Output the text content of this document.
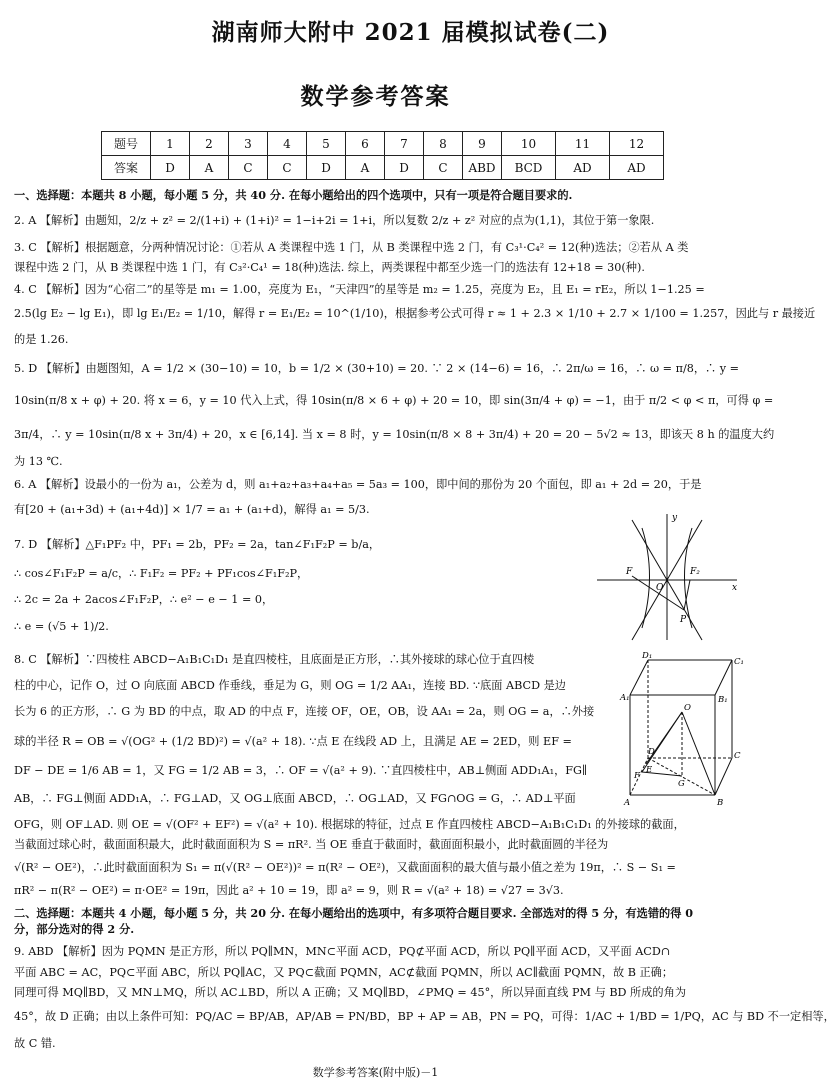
湖南师大附中 2021 届模拟试卷(二)
数学参考答案
题号	1	2	3	4	5	6	7	8	9	10	11	12
答案	D	A	C	C	D	A	D	C	ABD	BCD	AD	AD
一、选择题：本题共 8 小题，每小题 5 分，共 40 分. 在每小题给出的四个选项中，只有一项是符合题目要求的.
2. A 【解析】由题知，2/z + z² = 2/(1+i) + (1+i)² = 1−i+2i = 1+i，所以复数 2/z + z² 对应的点为(1,1)，其位于第一象限.
3. C 【解析】根据题意，分两种情况讨论：①若从 A 类课程中选 1 门，从 B 类课程中选 2 门，有 C₃¹·C₄² = 12(种)选法；②若从 A 类
课程中选 2 门，从 B 类课程中选 1 门，有 C₃²·C₄¹ = 18(种)选法. 综上，两类课程中都至少选一门的选法有 12+18 = 30(种).
4. C 【解析】因为“心宿二”的星等是 m₁ = 1.00，亮度为 E₁，“天津四”的星等是 m₂ = 1.25，亮度为 E₂，且 E₁ = rE₂，所以 1−1.25 =
2.5(lg E₂ − lg E₁)，即 lg E₁/E₂ = 1/10，解得 r = E₁/E₂ = 10^(1/10)，根据参考公式可得 r ≈ 1 + 2.3 × 1/10 + 2.7 × 1/100 = 1.257，因此与 r 最接近
的是 1.26.
5. D 【解析】由题图知，A = 1/2 × (30−10) = 10，b = 1/2 × (30+10) = 20. ∵ 2 × (14−6) = 16，∴ 2π/ω = 16，∴ ω = π/8，∴ y =
10sin(π/8 x + φ) + 20. 将 x = 6，y = 10 代入上式，得 10sin(π/8 × 6 + φ) + 20 = 10，即 sin(3π/4 + φ) = −1，由于 π/2 < φ < π，可得 φ =
3π/4，∴ y = 10sin(π/8 x + 3π/4) + 20，x ∈ [6,14]. 当 x = 8 时，y = 10sin(π/8 × 8 + 3π/4) + 20 = 20 − 5√2 ≈ 13，即该天 8 h 的温度大约
为 13 ℃.
6. A 【解析】设最小的一份为 a₁，公差为 d，则 a₁+a₂+a₃+a₄+a₅ = 5a₃ = 100，即中间的那份为 20 个面包，即 a₁ + 2d = 20，于是
有[20 + (a₁+3d) + (a₁+4d)] × 1/7 = a₁ + (a₁+d)，解得 a₁ = 5/3.
7. D 【解析】△F₁PF₂ 中，PF₁ = 2b，PF₂ = 2a，tan∠F₁F₂P = b/a，
∴ cos∠F₁F₂P = a/c，∴ F₁F₂ = PF₂ + PF₁cos∠F₁F₂P，
∴ 2c = 2a + 2acos∠F₁F₂P，∴ e² − e − 1 = 0，
∴ e = (√5 + 1)/2.
8. C 【解析】∵四棱柱 ABCD−A₁B₁C₁D₁ 是直四棱柱，且底面是正方形，∴其外接球的球心位于直四棱
柱的中心，记作 O，过 O 向底面 ABCD 作垂线，垂足为 G，则 OG = 1/2 AA₁，连接 BD. ∵底面 ABCD 是边
长为 6 的正方形，∴ G 为 BD 的中点，取 AD 的中点 F，连接 OF，OE，OB，设 AA₁ = 2a，则 OG = a，∴外接
球的半径 R = OB = √(OG² + (1/2 BD)²) = √(a² + 18). ∵点 E 在线段 AD 上，且满足 AE = 2ED，则 EF =
DF − DE = 1/6 AB = 1，又 FG = 1/2 AB = 3，∴ OF = √(a² + 9). ∵直四棱柱中，AB⊥侧面 ADD₁A₁，FG∥
AB，∴ FG⊥侧面 ADD₁A，∴ FG⊥AD，又 OG⊥底面 ABCD，∴ OG⊥AD，又 FG∩OG = G，∴ AD⊥平面
OFG，则 OF⊥AD. 则 OE = √(OF² + EF²) = √(a² + 10). 根据球的特征，过点 E 作直四棱柱 ABCD−A₁B₁C₁D₁ 的外接球的截面，
当截面过球心时，截面面积最大，此时截面面积为 S = πR². 当 OE 垂直于截面时，截面面积最小，此时截面圆的半径为
√(R² − OE²)，∴此时截面面积为 S₁ = π(√(R² − OE²))² = π(R² − OE²)，又截面面积的最大值与最小值之差为 19π，∴ S − S₁ =
πR² − π(R² − OE²) = π·OE² = 19π，因此 a² + 10 = 19，即 a² = 9，则 R = √(a² + 18) = √27 = 3√3.
二、选择题：本题共 4 小题，每小题 5 分，共 20 分. 在每小题给出的选项中，有多项符合题目要求. 全部选对的得 5 分，有选错的得 0
分，部分选对的得 2 分.
9. ABD 【解析】因为 PQMN 是正方形，所以 PQ∥MN，MN⊂平面 ACD，PQ⊄平面 ACD，所以 PQ∥平面 ACD，又平面 ACD∩
平面 ABC = AC，PQ⊂平面 ABC，所以 PQ∥AC，又 PQ⊂截面 PQMN，AC⊄截面 PQMN，所以 AC∥截面 PQMN，故 B 正确；
同理可得 MQ∥BD，又 MN⊥MQ，所以 AC⊥BD，所以 A 正确；又 MQ∥BD，∠PMQ = 45°，所以异面直线 PM 与 BD 所成的角为
45°，故 D 正确；由以上条件可知：PQ/AC = BP/AB，AP/AB = PN/BD，BP + AP = AB，PN = PQ，可得：1/AC + 1/BD = 1/PQ，AC 与 BD 不一定相等，
故 C 错.
y
F
O
F₂
P
x
D₁
C₁
A₁	B₁
O
D
E
F
G
C
A	B
数学参考答案(附中版)－1
